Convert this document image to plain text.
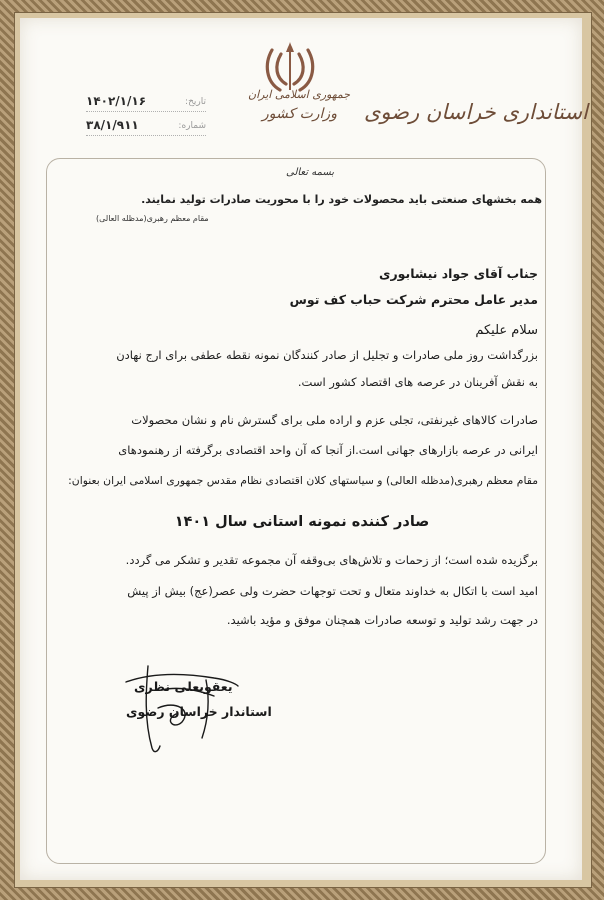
جمهوری اسلامی ایران
وزارت کشور استانداری خراسان رضوی
تاریخ:
۱۴۰۲/۱/۱۶
شماره:
۳۸/۱/۹۱۱
بسمه تعالی
همه بخشهای صنعتی باید محصولات خود را با محوریت صادرات تولید نمایند.
مقام معظم رهبری(مدظله العالی)
جناب آقای جواد نیشابوری
مدیر عامل محترم شرکت حباب کف توس
سلام علیکم
بزرگداشت روز ملی صادرات و تجلیل از صادر کنندگان نمونه نقطه عطفی برای ارج نهادن
به نقش آفرینان در عرصه های اقتصاد کشور است.
صادرات کالاهای غیرنفتی، تجلی عزم و اراده ملی برای گسترش نام و نشان محصولات
ایرانی در عرصه بازارهای جهانی است.از آنجا که آن واحد اقتصادی برگرفته از رهنمودهای
مقام معظم رهبری(مدظله العالی) و سیاستهای کلان اقتصادی نظام مقدس جمهوری اسلامی ایران بعنوان:
صادر کننده نمونه استانی سال ۱۴۰۱
برگزیده شده است؛ از زحمات و تلاش‌های بی‌وقفه آن مجموعه تقدیر و تشکر می گردد.
امید است با اتکال به خداوند متعال و تحت توجهات حضرت ولی عصر(عج) بیش از پیش
در جهت رشد تولید و توسعه صادرات همچنان موفق و مؤید باشید.
یعقوبعلی نظری
استاندار خراسان رضوی
